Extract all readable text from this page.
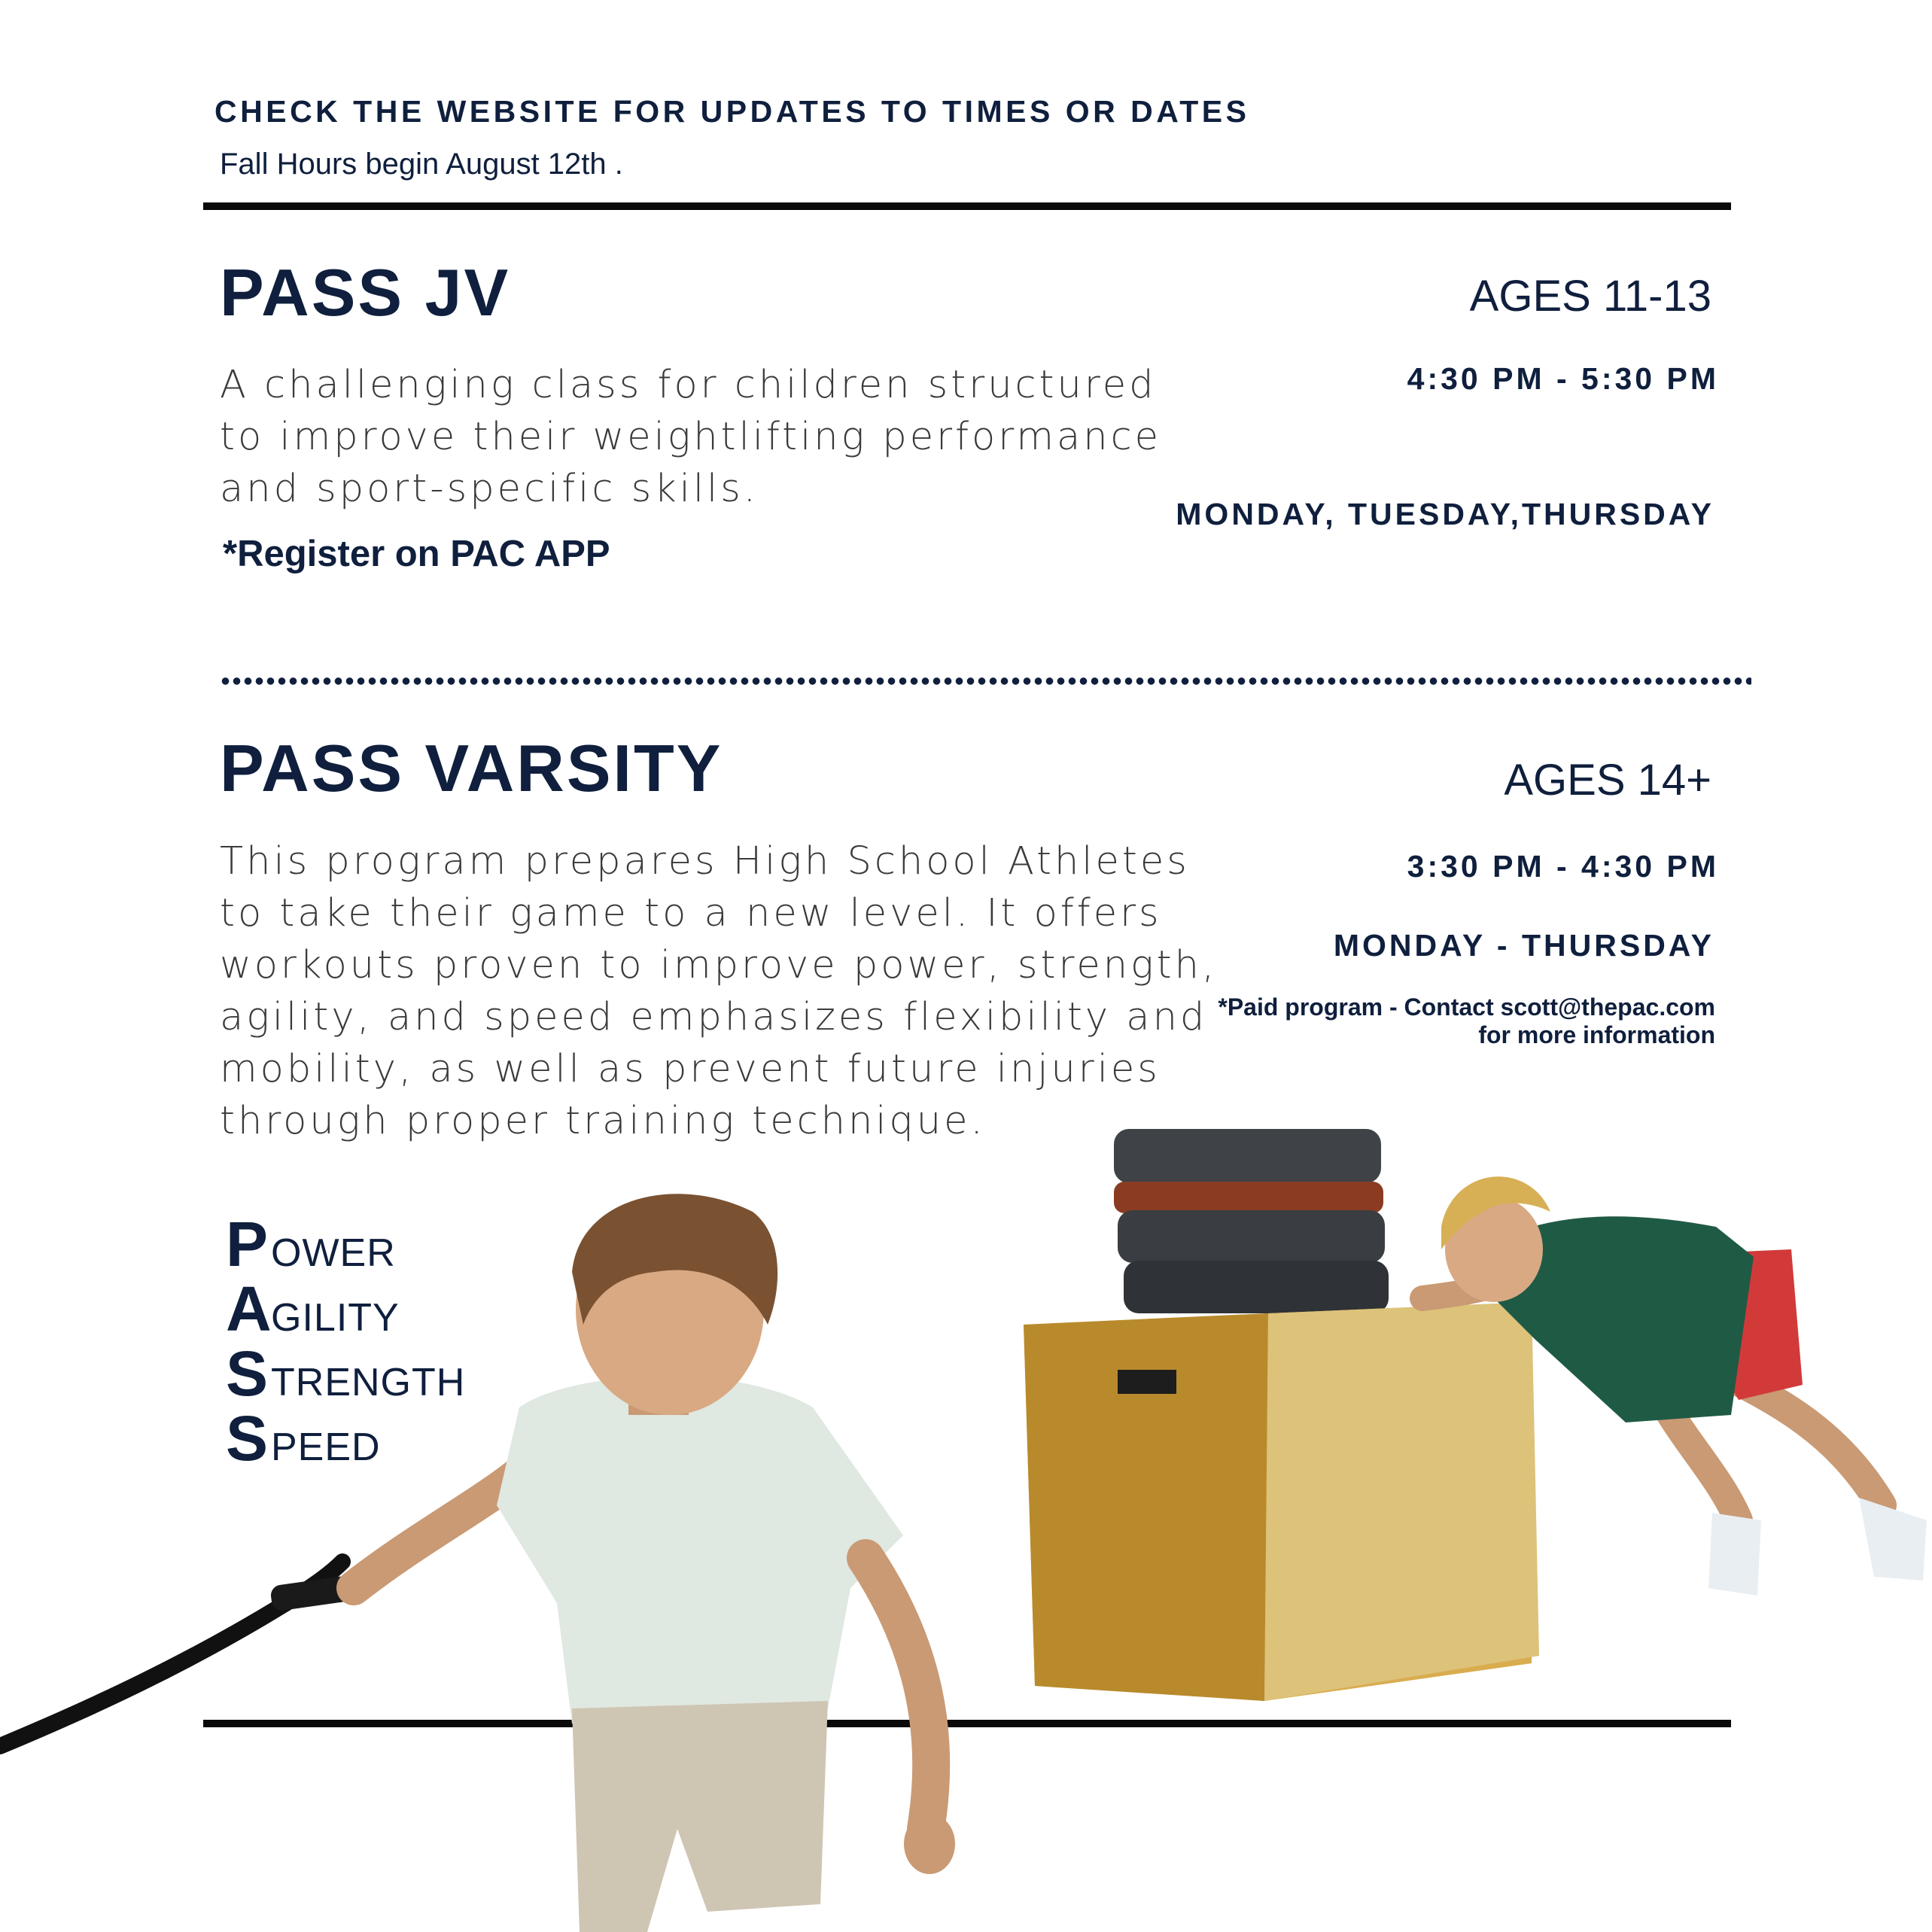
CHECK THE WEBSITE FOR UPDATES TO TIMES OR DATES
Fall Hours begin August 12th .
PASS JV	AGES 11-13
4:30 PM - 5:30 PM
MONDAY, TUESDAY,THURSDAY
A challenging class for children structured
to improve their weightlifting performance
and sport-specific skills.
*Register on PAC APP
PASS VARSITY	AGES 14+
3:30 PM - 4:30 PM
MONDAY - THURSDAY
*Paid program - Contact scott@thepac.com
for more information
This program prepares High School Athletes
to take their game to a new level. It offers
workouts proven to improve power, strength,
agility, and speed emphasizes flexibility and
mobility, as well as prevent future injuries
through proper training technique.
P OWER
A GILITY
S TRENGTH
S PEED
